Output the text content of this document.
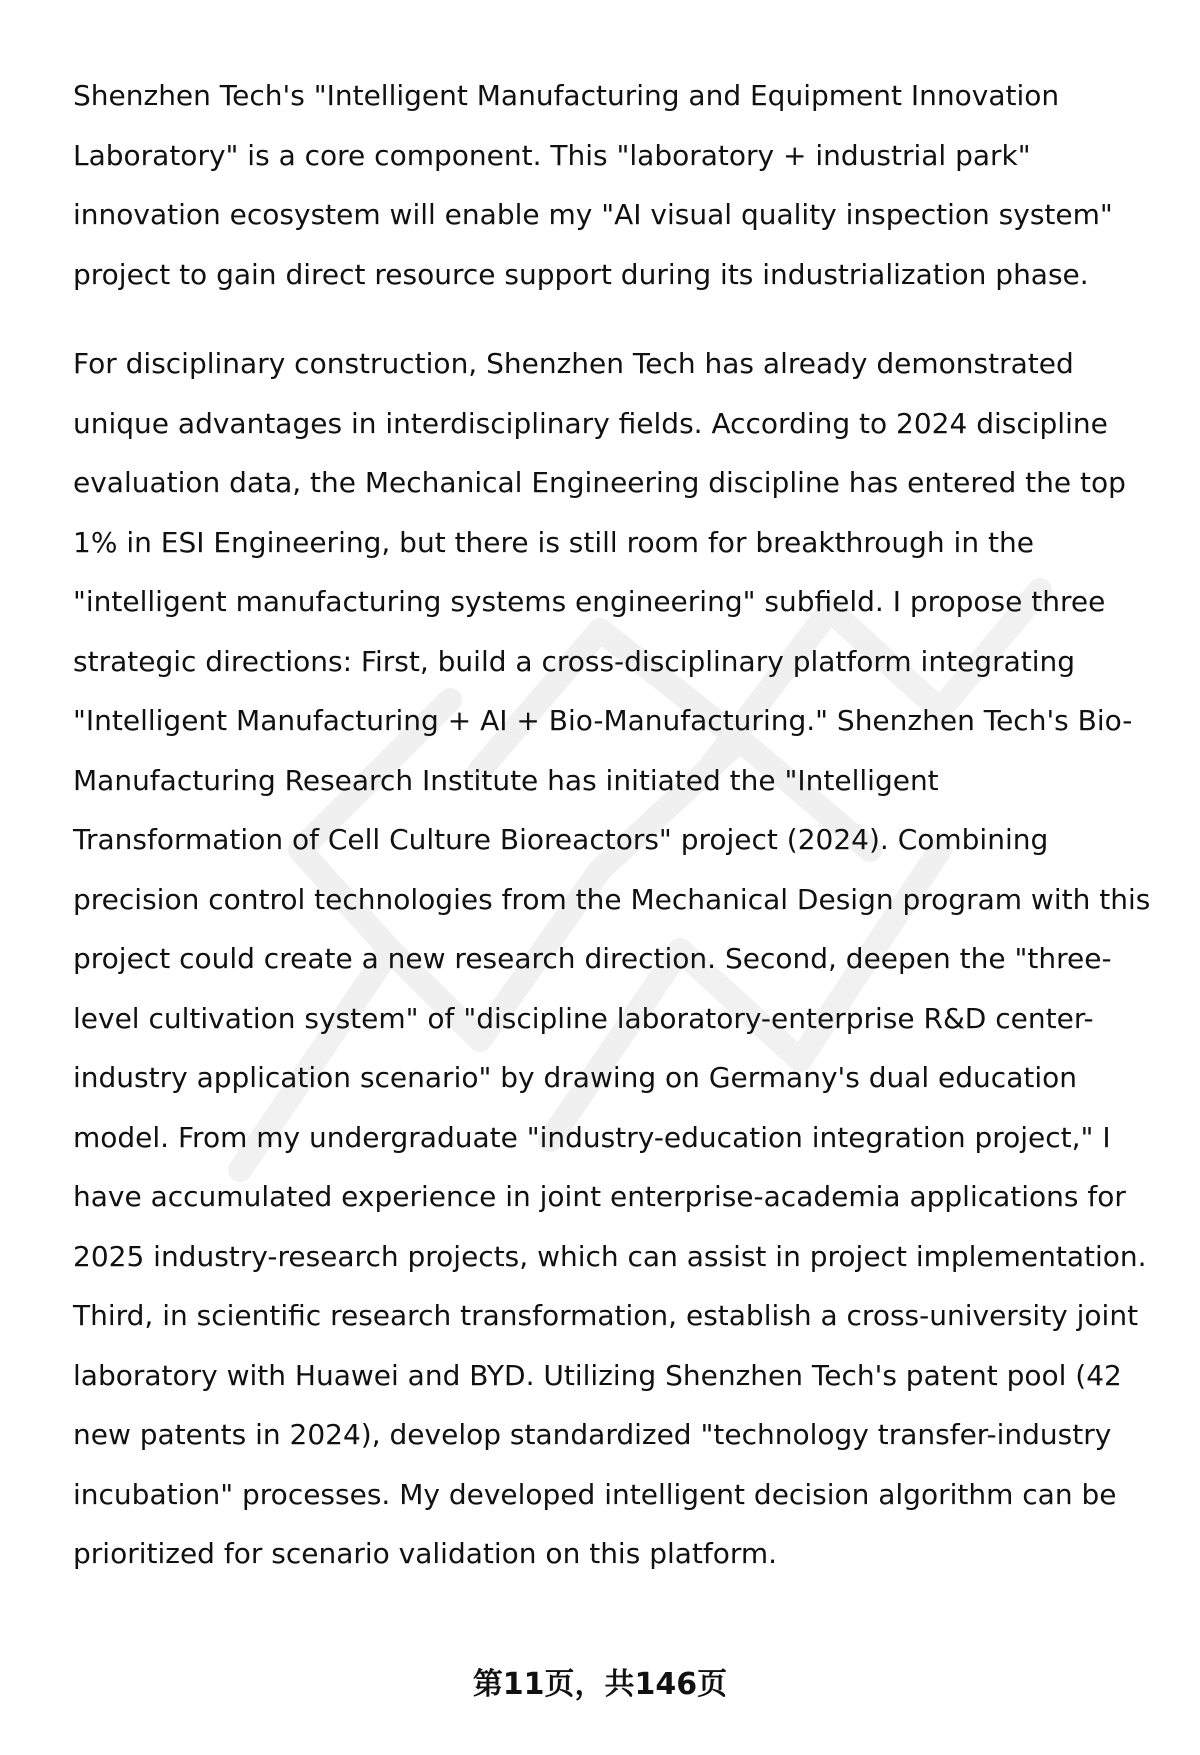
Shenzhen Tech's "Intelligent Manufacturing and Equipment Innovation Laboratory" is a core component. This "laboratory + industrial park" innovation ecosystem will enable my "AI visual quality inspection system" project to gain direct resource support during its industrialization phase.

For disciplinary construction, Shenzhen Tech has already demonstrated unique advantages in interdisciplinary fields. According to 2024 discipline evaluation data, the Mechanical Engineering discipline has entered the top 1% in ESI Engineering, but there is still room for breakthrough in the "intelligent manufacturing systems engineering" subfield. I propose three strategic directions: First, build a cross-disciplinary platform integrating "Intelligent Manufacturing + AI + Bio-Manufacturing." Shenzhen Tech's Bio-Manufacturing Research Institute has initiated the "Intelligent Transformation of Cell Culture Bioreactors" project (2024). Combining precision control technologies from the Mechanical Design program with this project could create a new research direction. Second, deepen the "three-level cultivation system" of "discipline laboratory-enterprise R&D center-industry application scenario" by drawing on Germany's dual education model. From my undergraduate "industry-education integration project," I have accumulated experience in joint enterprise-academia applications for 2025 industry-research projects, which can assist in project implementation. Third, in scientific research transformation, establish a cross-university joint laboratory with Huawei and BYD. Utilizing Shenzhen Tech's patent pool (42 new patents in 2024), develop standardized "technology transfer-industry incubation" processes. My developed intelligent decision algorithm can be prioritized for scenario validation on this platform.

第11页，共146页
